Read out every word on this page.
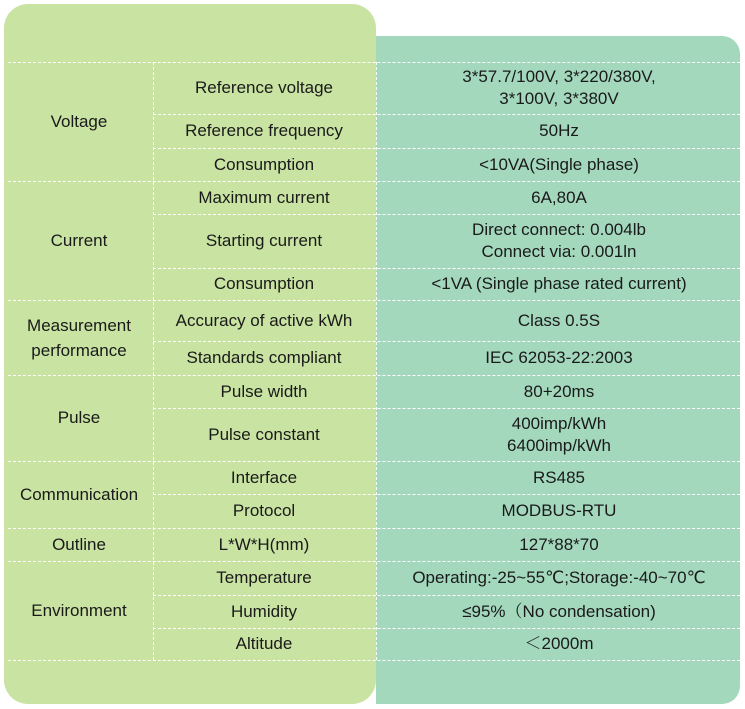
Voltage
Current
Measurement
performance
Pulse
Communication
Outline
Environment
Reference voltage
Reference frequency
Consumption
Maximum current
Starting current
Consumption
Accuracy of active kWh
Standards compliant
Pulse width
Pulse constant
Interface
Protocol
L*W*H(mm)
Temperature
Humidity
Altitude
3*57.7/100V, 3*220/380V,
3*100V, 3*380V
50Hz
<10VA(Single phase)
6A,80A
Direct connect: 0.004lb
Connect via: 0.001ln
<1VA (Single phase rated current)
Class 0.5S
IEC 62053-22:2003
80+20ms
400imp/kWh
6400imp/kWh
RS485
MODBUS-RTU
127*88*70
Operating:-25~55℃;Storage:-40~70℃
≤95%（No condensation)
＜2000m
